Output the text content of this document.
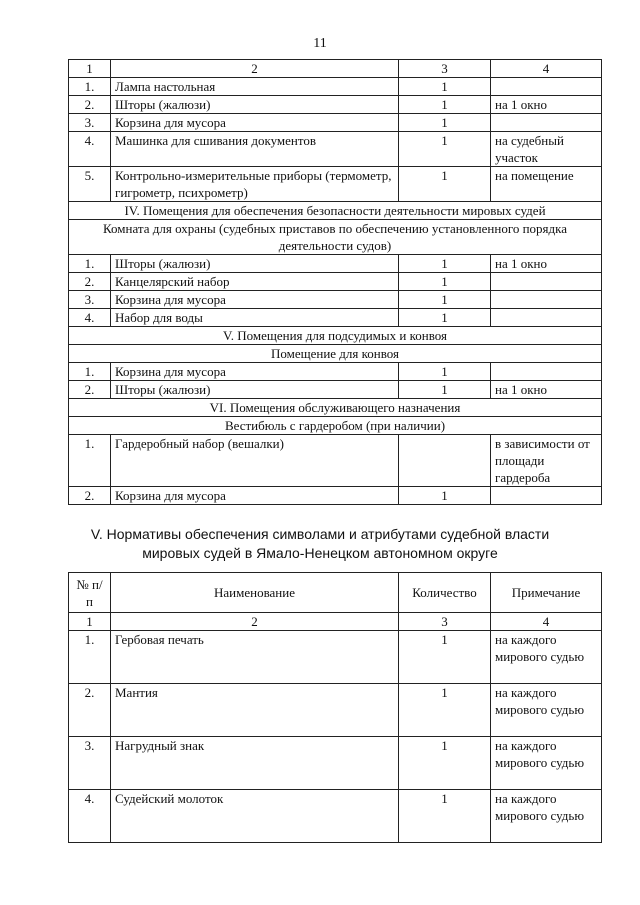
11
1	2	3	4
1.	Лампа настольная	1	
2.	Шторы (жалюзи)	1	на 1 окно
3.	Корзина для мусора	1	
4.	Машинка для сшивания документов	1	на судебный участок
5.	Контрольно-измерительные приборы (термометр, гигрометр, психрометр)	1	на помещение
IV. Помещения для обеспечения безопасности деятельности мировых судей			
Комната для охраны (судебных приставов по обеспечению установленного порядка деятельности судов)			
1.	Шторы (жалюзи)	1	на 1 окно
2.	Канцелярский набор	1	
3.	Корзина для мусора	1	
4.	Набор для воды	1	
V. Помещения для подсудимых и конвоя			
Помещение для конвоя			
1.	Корзина для мусора	1	
2.	Шторы (жалюзи)	1	на 1 окно
VI. Помещения обслуживающего назначения			
Вестибюль с гардеробом (при наличии)			
1.	Гардеробный набор (вешалки)		в зависимости от площади гардероба
2.	Корзина для мусора	1	
V. Нормативы обеспечения символами и атрибутами судебной власти
мировых судей в Ямало-Ненецком автономном округе
№ п/п	Наименование	Количество	Примечание
1	2	3	4
1.	Гербовая печать	1	на каждого мирового судью
2.	Мантия	1	на каждого мирового судью
3.	Нагрудный знак	1	на каждого мирового судью
4.	Судейский молоток	1	на каждого мирового судью
